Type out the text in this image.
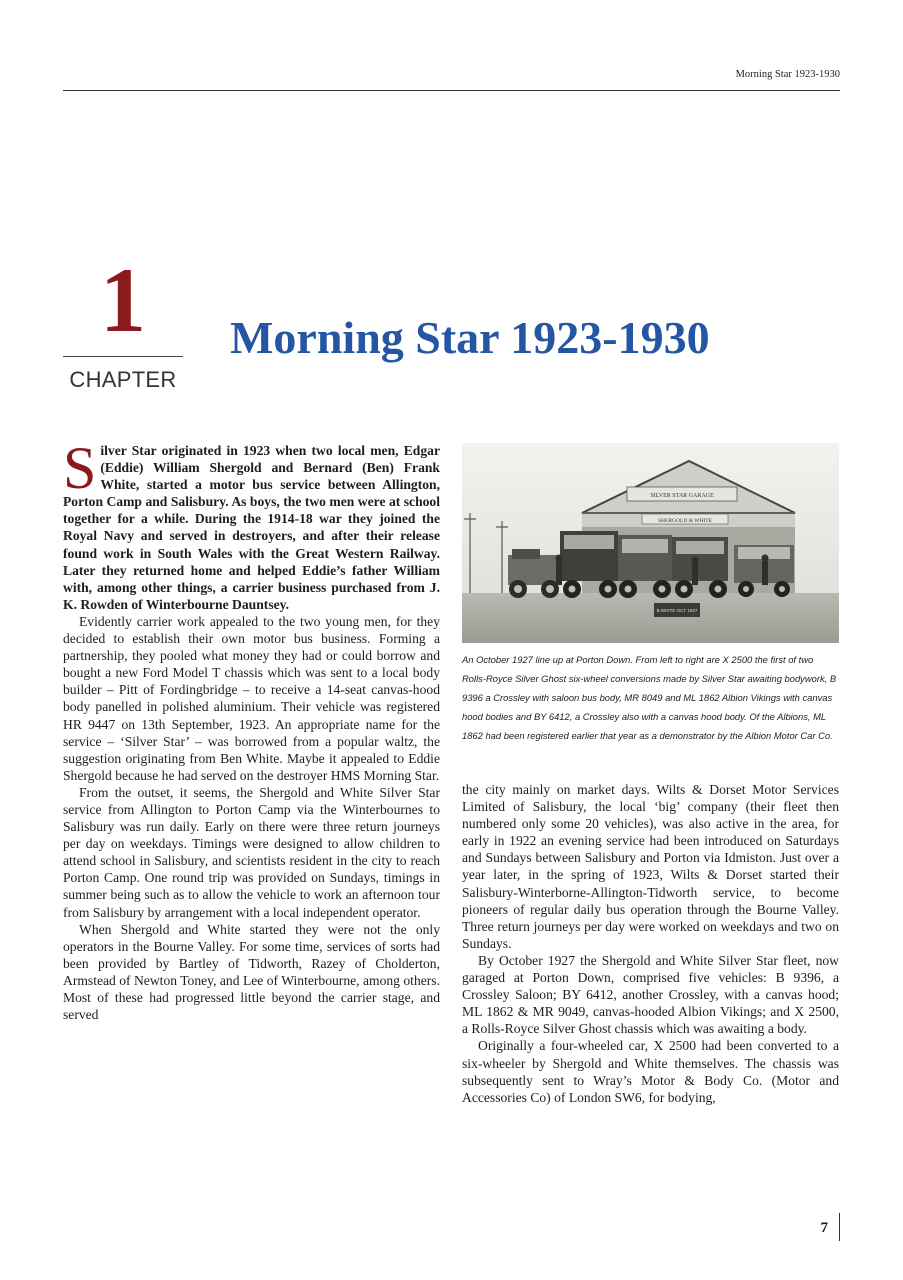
Morning Star 1923-1930
1
CHAPTER
Morning Star 1923-1930

Silver Star originated in 1923 when two local men, Edgar (Eddie) William Shergold and Bernard (Ben) Frank White, started a motor bus service between Allington, Porton Camp and Salisbury. As boys, the two men were at school together for a while. During the 1914-18 war they joined the Royal Navy and served in destroyers, and after their release found work in South Wales with the Great Western Railway. Later they returned home and helped Eddie’s father William with, among other things, a carrier business purchased from J. K. Rowden of Winterbourne Dauntsey.

Evidently carrier work appealed to the two young men, for they decided to establish their own motor bus business. Forming a partnership, they pooled what money they had or could borrow and bought a new Ford Model T chassis which was sent to a local body builder – Pitt of Fordingbridge – to receive a 14-seat canvas-hood body panelled in polished aluminium. Their vehicle was registered HR 9447 on 13th September, 1923. An appropriate name for the service – ‘Silver Star’ – was borrowed from a popular waltz, the suggestion originating from Ben White. Maybe it appealed to Eddie Shergold because he had served on the destroyer HMS Morning Star.

From the outset, it seems, the Shergold and White Silver Star service from Allington to Porton Camp via the Winterbournes to Salisbury was run daily. Early on there were three return journeys per day on weekdays. Timings were designed to allow children to attend school in Salisbury, and scientists resident in the city to reach Porton Camp. One round trip was provided on Sundays, timings in summer being such as to allow the vehicle to work an afternoon tour from Salisbury by arrangement with a local independent operator.

When Shergold and White started they were not the only operators in the Bourne Valley. For some time, services of sorts had been provided by Bartley of Tidworth, Razey of Cholderton, Armstead of Newton Toney, and Lee of Winterbourne, among others. Most of these had progressed little beyond the carrier stage, and served

SILVER STAR GARAGE
SHERGOLD & WHITE
B.WHITE OCT 1927
An October 1927 line up at Porton Down. From left to right are X 2500 the first of two Rolls-Royce Silver Ghost six-wheel conversions made by Silver Star awaiting bodywork, B 9396 a Crossley with saloon bus body, MR 8049 and ML 1862 Albion Vikings with canvas hood bodies and BY 6412, a Crossley also with a canvas hood body. Of the Albions, ML 1862 had been registered earlier that year as a demonstrator by the Albion Motor Car Co.

the city mainly on market days. Wilts & Dorset Motor Services Limited of Salisbury, the local ‘big’ company (their fleet then numbered only some 20 vehicles), was also active in the area, for early in 1922 an evening service had been introduced on Saturdays and Sundays between Salisbury and Porton via Idmiston. Just over a year later, in the spring of 1923, Wilts & Dorset started their Salisbury-Winterborne-Allington-Tidworth service, to become pioneers of regular daily bus operation through the Bourne Valley. Three return journeys per day were worked on weekdays and two on Sundays.

By October 1927 the Shergold and White Silver Star fleet, now garaged at Porton Down, comprised five vehicles: B 9396, a Crossley Saloon; BY 6412, another Crossley, with a canvas hood; ML 1862 & MR 9049, canvas-hooded Albion Vikings; and X 2500, a Rolls-Royce Silver Ghost chassis which was awaiting a body.

Originally a four-wheeled car, X 2500 had been converted to a six-wheeler by Shergold and White themselves. The chassis was subsequently sent to Wray’s Motor & Body Co. (Motor and Accessories Co) of London SW6, for bodying,

7
